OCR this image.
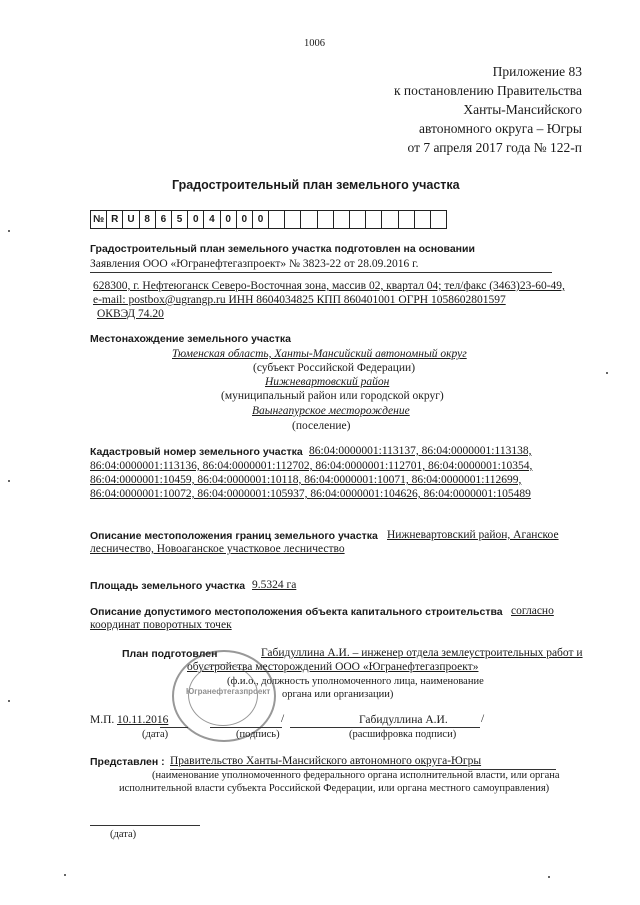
1006
Приложение 83
к постановлению Правительства
Ханты-Мансийского
автономного округа – Югры
от 7 апреля 2017 года № 122-п
Градостроительный план земельного участка
№	R	U	8	6	5	0	4	0	0	0											
Градостроительный план земельного участка подготовлен на основании
Заявления ООО «Югранефтегазпроект» № 3823-22 от 28.09.2016 г.
628300, г. Нефтеюганск Северо-Восточная зона, массив 02, квартал 04; тел/факс (3463)23-60-49,
e-mail: postbox@ugrangp.ru ИНН 8604034825 КПП 860401001 ОГРН 1058602801597
ОКВЭД 74.20
Местонахождение земельного участка
Тюменская область, Ханты-Мансийский автономный округ
(субъект Российской Федерации)
Нижневартовский район
(муниципальный район или городской округ)
Ваынгапурское месторождение
(поселение)
Кадастровый номер земельного участка 86:04:0000001:113137, 86:04:0000001:113138,
86:04:0000001:113136, 86:04:0000001:112702, 86:04:0000001:112701, 86:04:0000001:10354,
86:04:0000001:10459, 86:04:0000001:10118, 86:04:0000001:10071, 86:04:0000001:112699,
86:04:0000001:10072, 86:04:0000001:105937, 86:04:0000001:104626, 86:04:0000001:105489
Описание местоположения границ земельного участка Нижневартовский район, Аганское
лесничество, Новоаганское участковое лесничество
Площадь земельного участка 9.5324 га
Описание допустимого местоположения объекта капитального строительства согласно
координат поворотных точек
План подготовлен	Габидуллина А.И. – инженер отдела землеустроительных работ и
обустройства месторождений ООО «Югранефтегазпроект»
(ф.и.о., должность уполномоченного лица, наименование
органа или организации)
Югранефтегазпроект
М.П. 10.11.2016	/	Габидуллина А.И.	/
(дата)	(подпись)	(расшифровка подписи)
Представлен : Правительство Ханты-Мансийского автономного округа-Югры
(наименование уполномоченного федерального органа исполнительной власти, или органа
исполнительной власти субъекта Российской Федерации, или органа местного самоуправления)
(дата)
